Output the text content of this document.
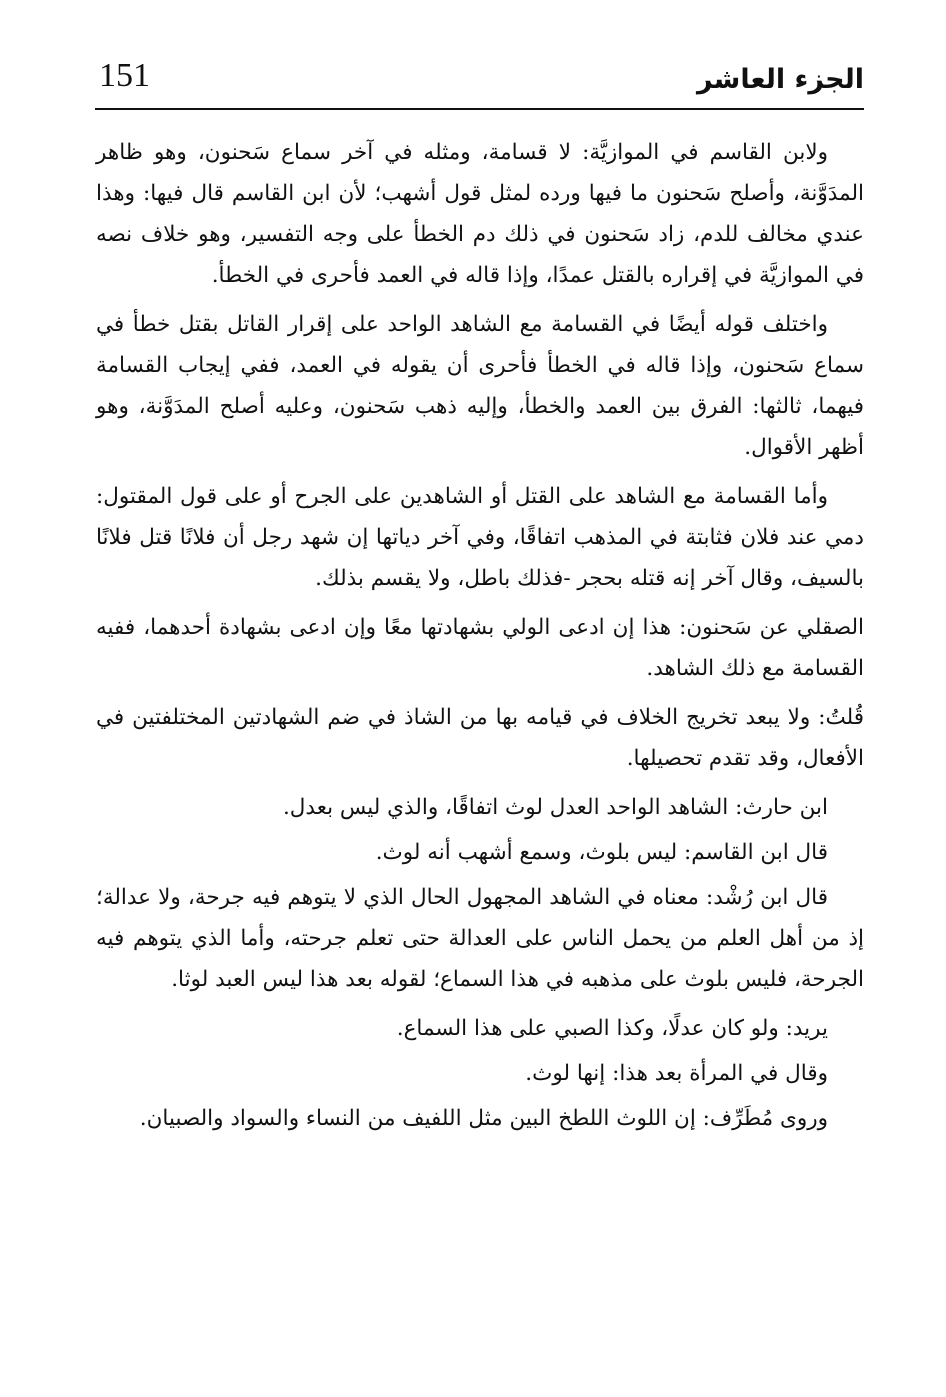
151	الجزء العاشر

ولابن القاسم في الموازيَّة: لا قسامة، ومثله في آخر سماع سَحنون، وهو ظاهر المدَوَّنة، وأصلح سَحنون ما فيها ورده لمثل قول أشهب؛ لأن ابن القاسم قال فيها: وهذا عندي مخالف للدم، زاد سَحنون في ذلك دم الخطأ على وجه التفسير، وهو خلاف نصه في الموازيَّة في إقراره بالقتل عمدًا، وإذا قاله في العمد فأحرى في الخطأ.

واختلف قوله أيضًا في القسامة مع الشاهد الواحد على إقرار القاتل بقتل خطأ في سماع سَحنون، وإذا قاله في الخطأ فأحرى أن يقوله في العمد، ففي إيجاب القسامة فيهما، ثالثها: الفرق بين العمد والخطأ، وإليه ذهب سَحنون، وعليه أصلح المدَوَّنة، وهو أظهر الأقوال.

وأما القسامة مع الشاهد على القتل أو الشاهدين على الجرح أو على قول المقتول: دمي عند فلان فثابتة في المذهب اتفاقًا، وفي آخر دياتها إن شهد رجل أن فلانًا قتل فلانًا بالسيف، وقال آخر إنه قتله بحجر -فذلك باطل، ولا يقسم بذلك.

الصقلي عن سَحنون: هذا إن ادعى الولي بشهادتها معًا وإن ادعى بشهادة أحدهما، ففيه القسامة مع ذلك الشاهد.

قُلتُ: ولا يبعد تخريج الخلاف في قيامه بها من الشاذ في ضم الشهادتين المختلفتين في الأفعال، وقد تقدم تحصيلها.

ابن حارث: الشاهد الواحد العدل لوث اتفاقًا، والذي ليس بعدل.

قال ابن القاسم: ليس بلوث، وسمع أشهب أنه لوث.

قال ابن رُشْد: معناه في الشاهد المجهول الحال الذي لا يتوهم فيه جرحة، ولا عدالة؛ إذ من أهل العلم من يحمل الناس على العدالة حتى تعلم جرحته، وأما الذي يتوهم فيه الجرحة، فليس بلوث على مذهبه في هذا السماع؛ لقوله بعد هذا ليس العبد لوثا.

يريد: ولو كان عدلًا، وكذا الصبي على هذا السماع.

وقال في المرأة بعد هذا: إنها لوث.

وروى مُطَرِّف: إن اللوث اللطخ البين مثل اللفيف من النساء والسواد والصبيان.
